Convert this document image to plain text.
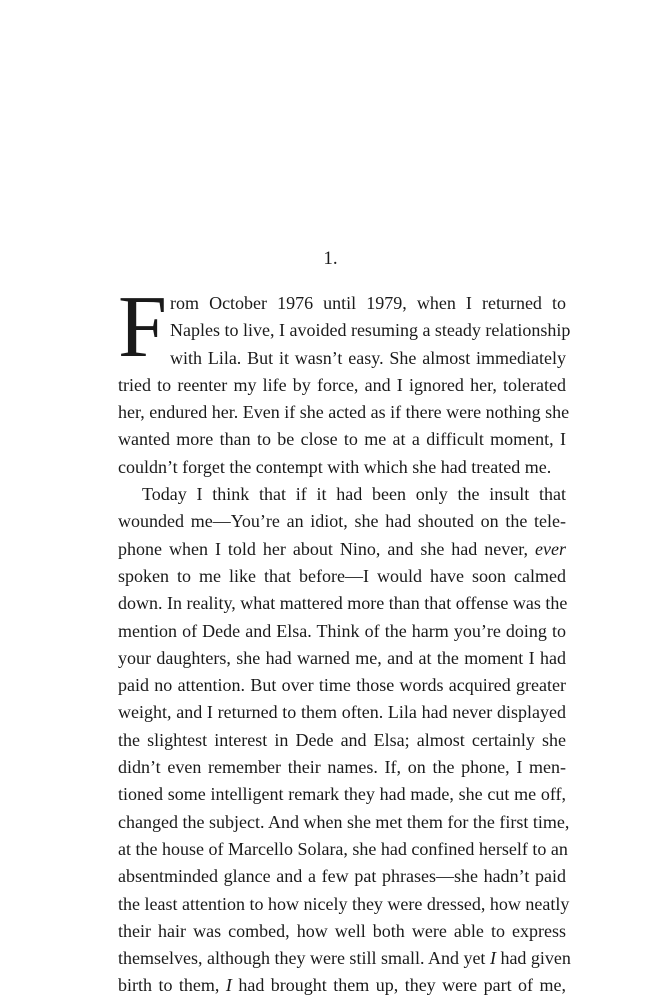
1.
F rom October 1976 until 1979, when I returned to
Naples to live, I avoided resuming a steady relationship
with Lila. But it wasn’t easy. She almost immediately
tried to reenter my life by force, and I ignored her, tolerated
her, endured her. Even if she acted as if there were nothing she
wanted more than to be close to me at a difficult moment, I
couldn’t forget the contempt with which she had treated me.
Today I think that if it had been only the insult that
wounded me—You’re an idiot, she had shouted on the tele-
phone when I told her about Nino, and she had never, ever
spoken to me like that before—I would have soon calmed
down. In reality, what mattered more than that offense was the
mention of Dede and Elsa. Think of the harm you’re doing to
your daughters, she had warned me, and at the moment I had
paid no attention. But over time those words acquired greater
weight, and I returned to them often. Lila had never displayed
the slightest interest in Dede and Elsa; almost certainly she
didn’t even remember their names. If, on the phone, I men-
tioned some intelligent remark they had made, she cut me off,
changed the subject. And when she met them for the first time,
at the house of Marcello Solara, she had confined herself to an
absentminded glance and a few pat phrases—she hadn’t paid
the least attention to how nicely they were dressed, how neatly
their hair was combed, how well both were able to express
themselves, although they were still small. And yet I had given
birth to them, I had brought them up, they were part of me,
